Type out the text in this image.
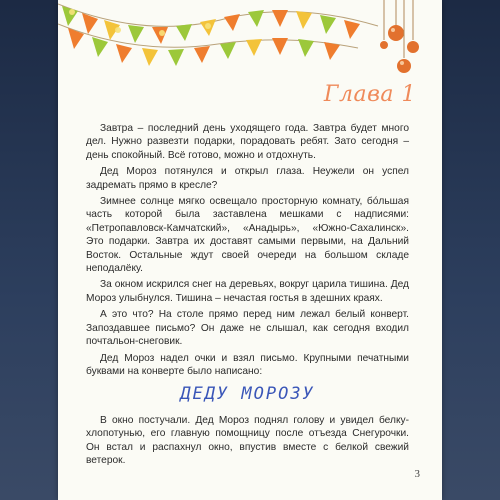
Глава 1

Завтра – последний день уходящего года. Завтра будет много дел. Нужно развезти подарки, порадовать ребят. Зато сегодня – день спокойный. Всё готово, можно и отдохнуть.

Дед Мороз потянулся и открыл глаза. Неужели он успел задремать прямо в кресле?

Зимнее солнце мягко освещало просторную комнату, бóльшая часть которой была заставлена мешками с надписями: «Петропавловск-Камчатский», «Анадырь», «Южно-Сахалинск». Это подарки. Завтра их доставят самыми первыми, на Дальний Восток. Остальные ждут своей очереди на большом складе неподалёку.

За окном искрился снег на деревьях, вокруг царила тишина. Дед Мороз улыбнулся. Тишина – нечастая гостья в здешних краях.

А это что? На столе прямо перед ним лежал белый конверт. Запоздавшее письмо? Он даже не слышал, как сегодня входил почтальон-снеговик.

Дед Мороз надел очки и взял письмо. Крупными печатными буквами на конверте было написано:

ДЕДУ МОРОЗУ

В окно постучали. Дед Мороз поднял голову и увидел белку-хлопотунью, его главную помощницу после отъезда Снегурочки. Он встал и распахнул окно, впустив вместе с белкой свежий ветерок.

3
